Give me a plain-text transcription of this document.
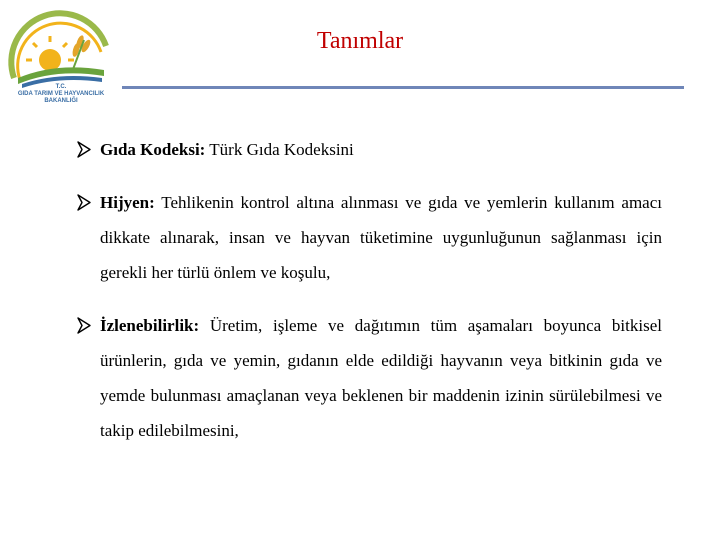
T.C.
GIDA TARIM VE HAYVANCILIK
BAKANLIĞI
Tanımlar

Gıda Kodeksi: Türk Gıda Kodeksini

Hijyen: Tehlikenin kontrol altına alınması ve gıda ve yemlerin kullanım amacı dikkate alınarak, insan ve hayvan tüketimine uygunluğunun sağlanması için gerekli her türlü önlem ve koşulu,

İzlenebilirlik: Üretim, işleme ve dağıtımın tüm aşamaları boyunca bitkisel ürünlerin, gıda ve yemin, gıdanın elde edildiği hayvanın veya bitkinin gıda ve yemde bulunması amaçlanan veya beklenen bir maddenin izinin sürülebilmesi ve takip edilebilmesini,
